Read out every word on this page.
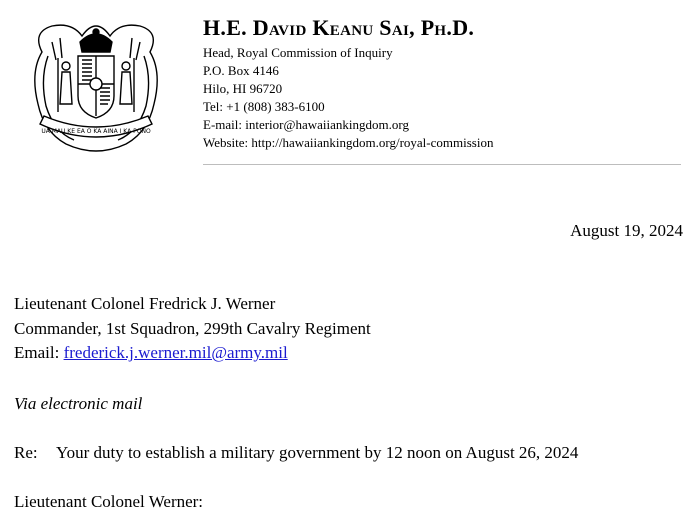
UA MAU KE EA O KA AINA I KA PONO
H.E. David Keanu Sai, Ph.D.
Head, Royal Commission of Inquiry
P.O. Box 4146
Hilo, HI 96720
Tel: +1 (808) 383-6100
E-mail: interior@hawaiiankingdom.org
Website: http://hawaiiankingdom.org/royal-commission
August 19, 2024
Lieutenant Colonel Fredrick J. Werner
Commander, 1st Squadron, 299th Cavalry Regiment
Email: frederick.j.werner.mil@army.mil
Via electronic mail
Re: Your duty to establish a military government by 12 noon on August 26, 2024
Lieutenant Colonel Werner:
